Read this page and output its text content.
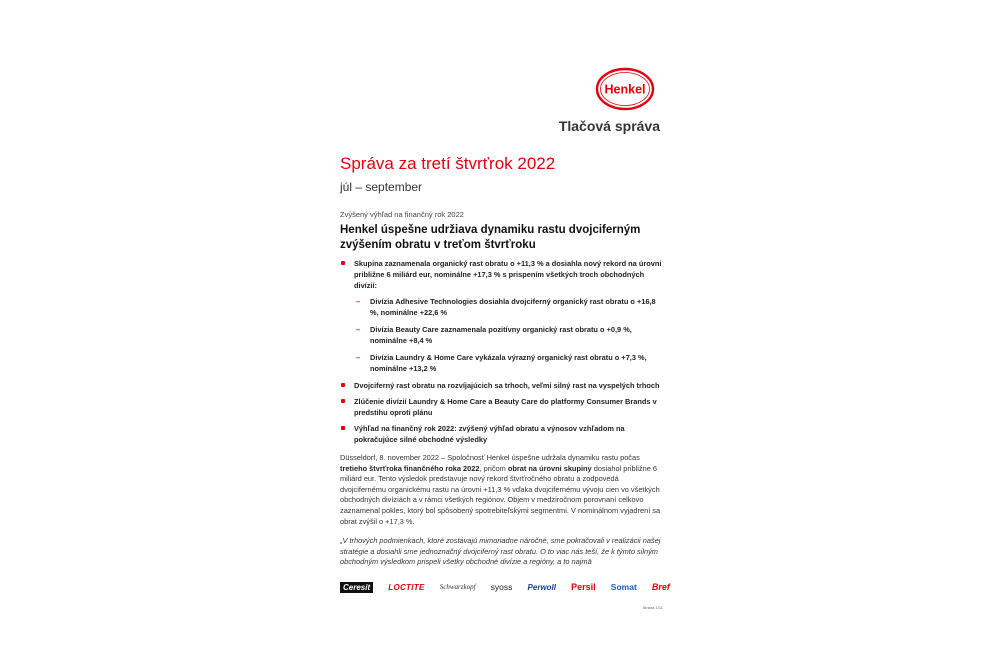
Henkel
Tlačová správa
Správa za tretí štvrťrok 2022
júl – september
Zvýšený výhľad na finančný rok 2022
Henkel úspešne udržiava dynamiku rastu dvojciferným zvýšením obratu v treťom štvrťroku
Skupina zaznamenala organický rast obratu o +11,3 % a dosiahla nový rekord na úrovni približne 6 miliárd eur, nominálne +17,3 % s prispením všetkých troch obchodných divízií:
– Divízia Adhesive Technologies dosiahla dvojciferný organický rast obratu o +16,8 %, nominálne +22,6 %
– Divízia Beauty Care zaznamenala pozitívny organický rast obratu o +0,9 %, nominálne +8,4 %
– Divízia Laundry & Home Care vykázala výrazný organický rast obratu o +7,3 %, nominálne +13,2 %
Dvojciferný rast obratu na rozvíjajúcich sa trhoch, veľmi silný rast na vyspelých trhoch
Zlúčenie divízií Laundry & Home Care a Beauty Care do platformy Consumer Brands v predstihu oproti plánu
Výhľad na finančný rok 2022: zvýšený výhľad obratu a výnosov vzhľadom na pokračujúce silné obchodné výsledky
Düsseldorf, 8. november 2022 – Spoločnosť Henkel úspešne udržala dynamiku rastu počas tretieho štvrťroka finančného roka 2022, pričom obrat na úrovni skupiny dosiahol približne 6 miliárd eur. Tento výsledok predstavuje nový rekord štvrťročného obratu a zodpovedá dvojcifernému organickému rastu na úrovni +11,3 % vďaka dvojcifernému vývoju cien vo všetkých obchodných divíziách a v rámci všetkých regiónov. Objem v medziročnom porovnaní celkovo zaznamenal pokles, ktorý bol spôsobený spotrebiteľskými segmentmi. V nominálnom vyjadrení sa obrat zvýšil o +17,3 %.
„V trhových podmienkach, ktoré zostávajú mimoriadne náročné, sme pokračovali v realizácii našej stratégie a dosiahli sme jednoznačný dvojciferný rast obratu. O to viac nás teší, že k týmto silným obchodným výsledkom prispeli všetky obchodné divízie a regióny, a to najmä
Ceresit	LOCTITE Schwarzkopf syoss Perwoll Persil Somat Bref
Strana 1/11
